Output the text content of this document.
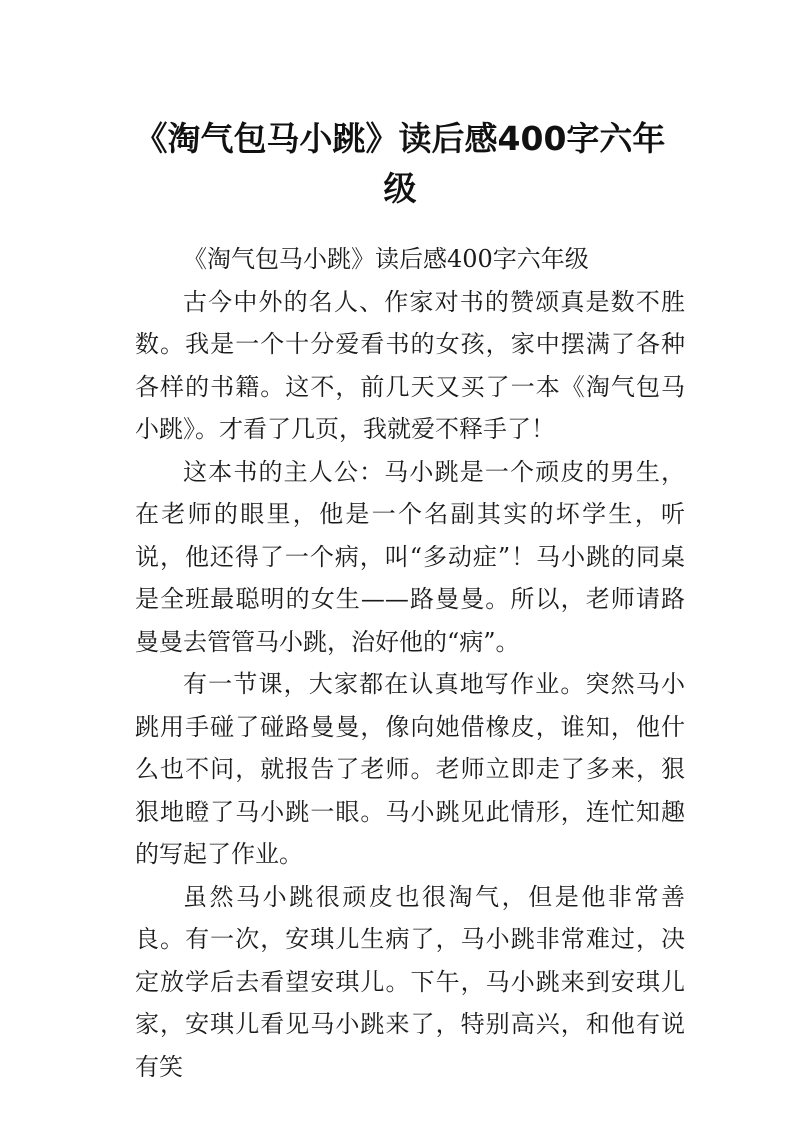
《淘气包马小跳》读后感400字六年级

《淘气包马小跳》读后感400字六年级

古今中外的名人、作家对书的赞颂真是数不胜数。我是一个十分爱看书的女孩，家中摆满了各种各样的书籍。这不，前几天又买了一本《淘气包马小跳》。才看了几页，我就爱不释手了！

这本书的主人公：马小跳是一个顽皮的男生，在老师的眼里，他是一个名副其实的坏学生，听说，他还得了一个病，叫“多动症”！马小跳的同桌是全班最聪明的女生——路曼曼。所以，老师请路曼曼去管管马小跳，治好他的“病”。

有一节课，大家都在认真地写作业。突然马小跳用手碰了碰路曼曼，像向她借橡皮，谁知，他什么也不问，就报告了老师。老师立即走了多来，狠狠地瞪了马小跳一眼。马小跳见此情形，连忙知趣的写起了作业。

虽然马小跳很顽皮也很淘气，但是他非常善良。有一次，安琪儿生病了，马小跳非常难过，决定放学后去看望安琪儿。下午，马小跳来到安琪儿家，安琪儿看见马小跳来了，特别高兴，和他有说有笑
